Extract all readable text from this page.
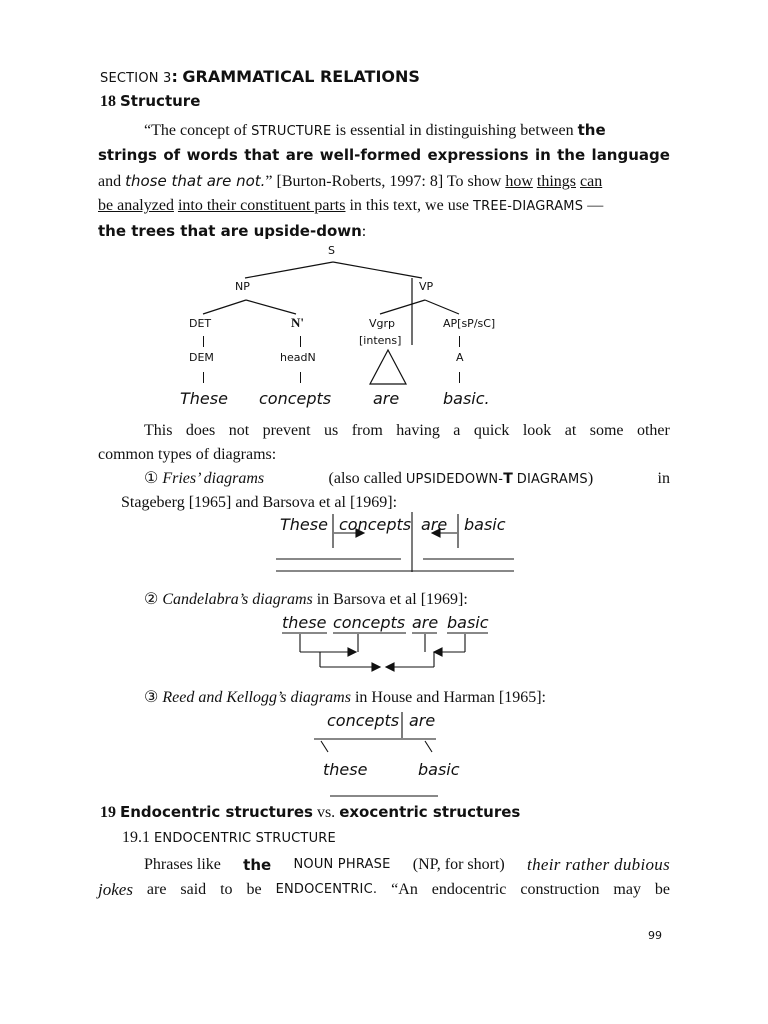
SECTION 3: GRAMMATICAL RELATIONS
18 Structure
“The concept of STRUCTURE is essential in distinguishing between the
strings of words that are well-formed expressions in the language
and those that are not.” [Burton-Roberts, 1997: 8] To show how things can
be analyzed into their constituent parts in this text, we use TREE-DIAGRAMS —
the trees that are upside-down:
S
NP	VP
DET	N'	Vgrp	AP[sP/sC]
[intens]
DEM	headN	A
These concepts	are	basic.
This does not prevent us from having a quick look at some other
common types of diagrams:
① Fries’ diagrams	(also called UPSIDEDOWN-T DIAGRAMS)	in
Stageberg [1965] and Barsova et al [1969]:
These concepts are basic
② Candelabra’s diagrams in Barsova et al [1969]:
these concepts are basic
③ Reed and Kellogg’s diagrams in House and Harman [1965]:
concepts are
these	basic
19 Endocentric structures vs. exocentric structures
19.1 ENDOCENTRIC STRUCTURE
Phrases like the NOUN PHRASE (NP, for short) their rather dubious
jokes are said to be ENDOCENTRIC. “An endocentric construction may be
99
